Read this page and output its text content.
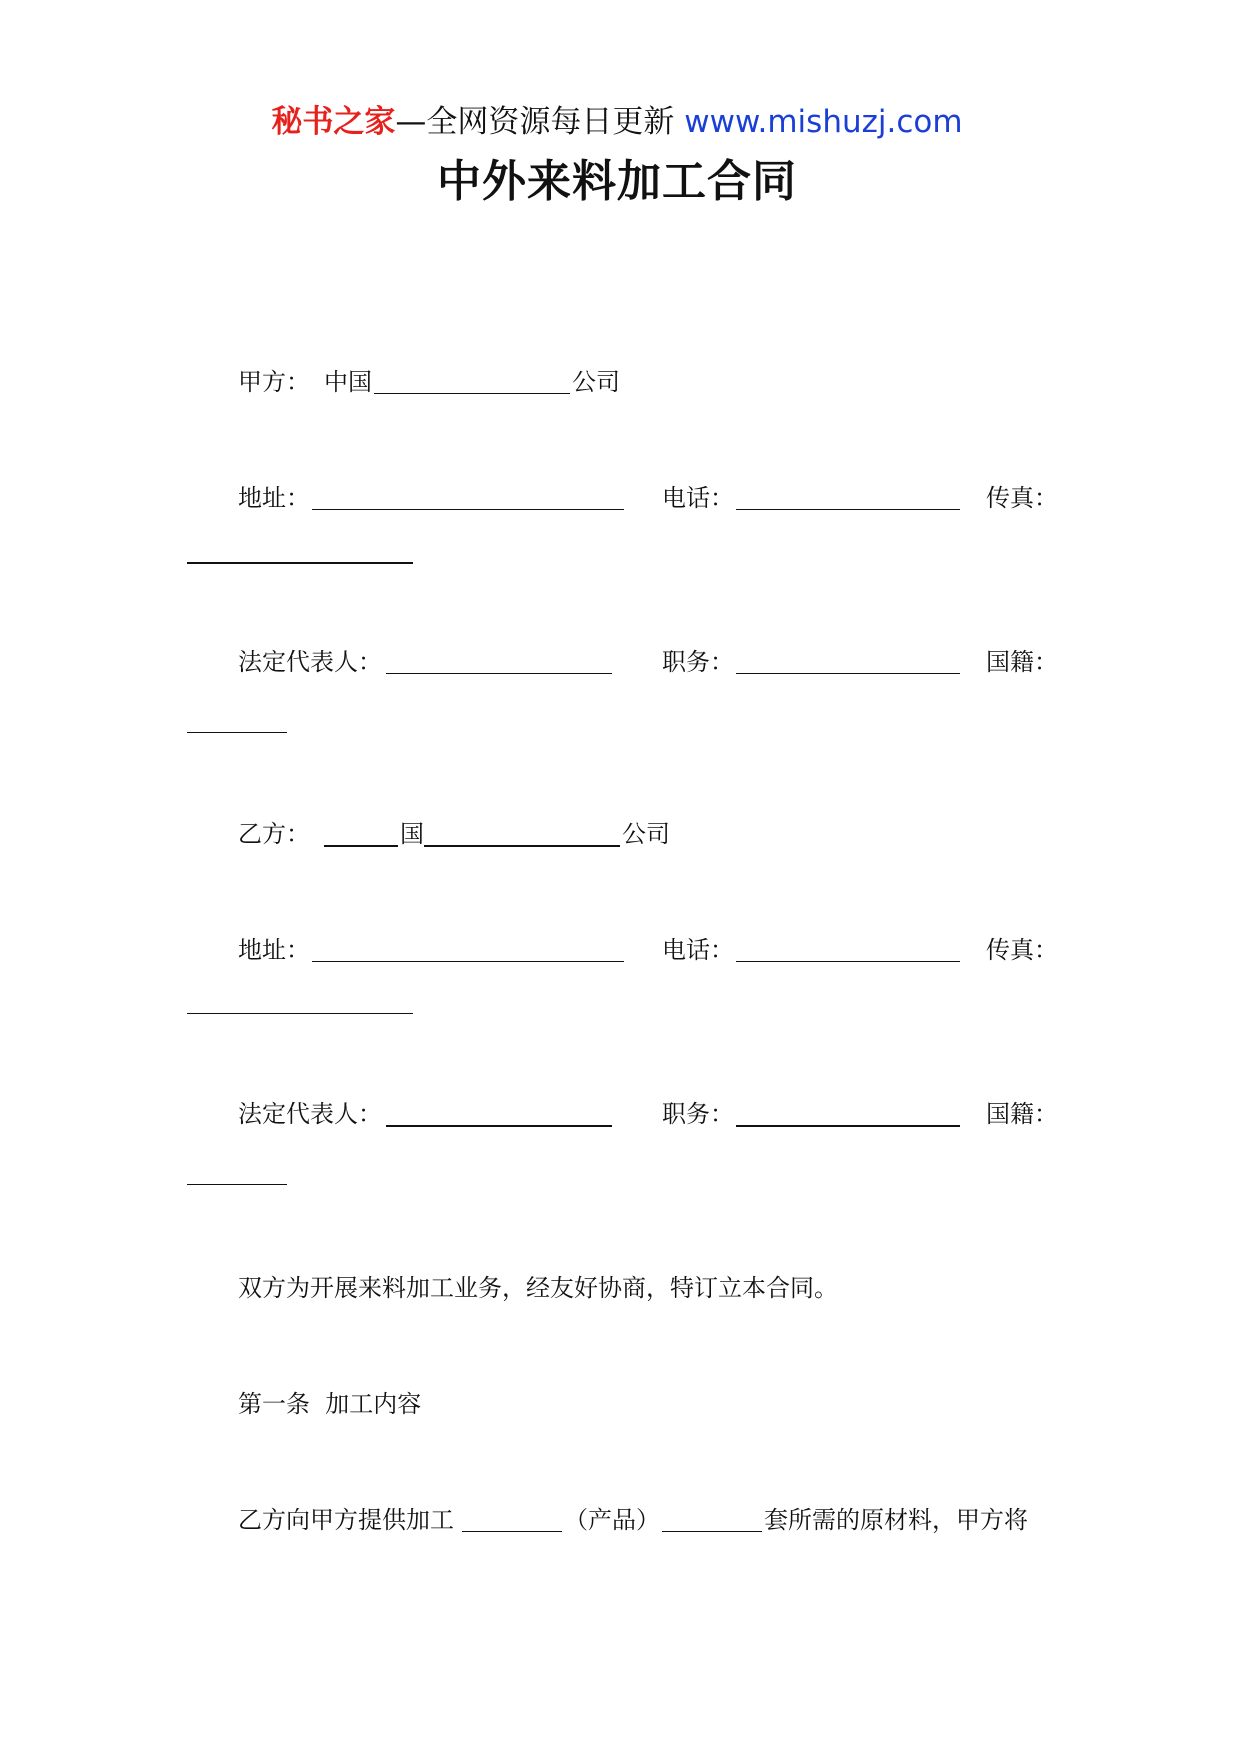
秘书之家—全网资源每日更新 www.mishuzj.com
中外来料加工合同
甲方： 中国	公司
地址：	电话：	传真：
法定代表人：	职务：	国籍：
乙方：	国	公司
地址：	电话：	传真：
法定代表人：	职务：	国籍：
双方为开展来料加工业务，经友好协商，特订立本合同。
第一条  加工内容
乙方向甲方提供加工	（产品）	套所需的原材料，甲方将
